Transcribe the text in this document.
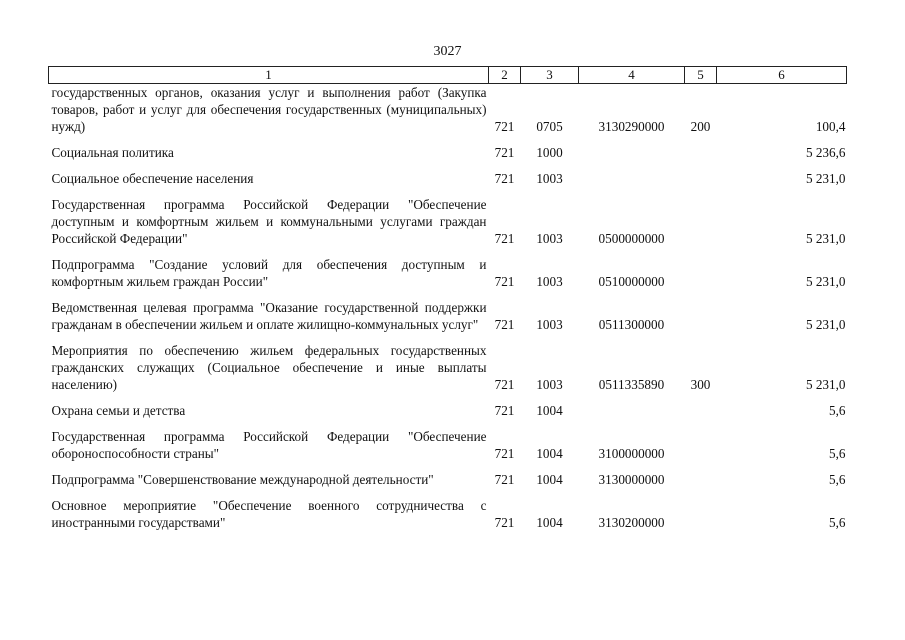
3027
1	2	3	4	5	6
государственных органов, оказания услуг и выполнения работ (Закупка товаров, работ и услуг для обеспечения государственных (муниципальных) нужд)	721	0705	3130290000	200	100,4
Социальная политика	721	1000			5 236,6
Социальное обеспечение населения	721	1003			5 231,0
Государственная программа Российской Федерации "Обеспечение доступным и комфортным жильем и коммунальными услугами граждан Российской Федерации"	721	1003	0500000000		5 231,0
Подпрограмма "Создание условий для обеспечения доступным и комфортным жильем граждан России"	721	1003	0510000000		5 231,0
Ведомственная целевая программа "Оказание государственной поддержки гражданам в обеспечении жильем и оплате жилищно-коммунальных услуг"	721	1003	0511300000		5 231,0
Мероприятия по обеспечению жильем федеральных государственных гражданских служащих (Социальное обеспечение и иные выплаты населению)	721	1003	0511335890	300	5 231,0
Охрана семьи и детства	721	1004			5,6
Государственная программа Российской Федерации "Обеспечение обороноспособности страны"	721	1004	3100000000		5,6
Подпрограмма "Совершенствование международной деятельности"	721	1004	3130000000		5,6
Основное мероприятие "Обеспечение военного сотрудничества с иностранными государствами"	721	1004	3130200000		5,6
